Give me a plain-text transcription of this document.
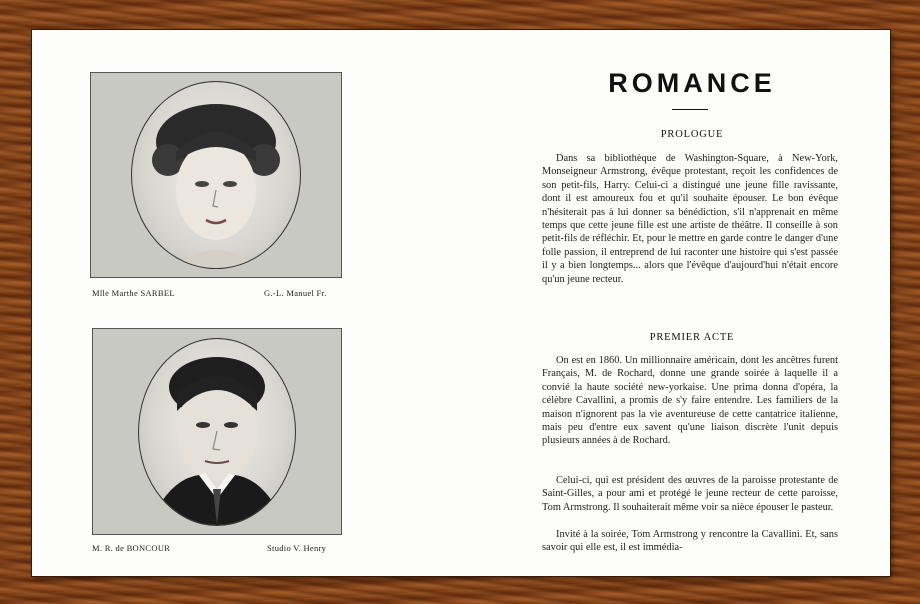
Mlle Marthe SARBEL	G.-L. Manuel Fr.
M. R. de BONCOUR	Studio V. Henry
ROMANCE
PROLOGUE

Dans sa bibliothèque de Washington-Square, à New-York, Monseigneur Armstrong, évêque protestant, reçoit les confidences de son petit-fils, Harry. Celui-ci a distingué une jeune fille ravissante, dont il est amoureux fou et qu'il souhaite épouser. Le bon évêque n'hésiterait pas à lui donner sa bénédiction, s'il n'apprenait en même temps que cette jeune fille est une artiste de théâtre. Il conseille à son petit-fils de réfléchir. Et, pour le mettre en garde contre le danger d'une folle passion, il entreprend de lui raconter une histoire qui s'est passée il y a bien longtemps... alors que l'évêque d'aujourd'hui n'était encore qu'un jeune recteur.

PREMIER ACTE

On est en 1860. Un millionnaire américain, dont les ancêtres furent Français, M. de Rochard, donne une grande soirée à laquelle il a convié la haute société new-yorkaise. Une prima donna d'opéra, la célèbre Cavallini, a promis de s'y faire entendre. Les familiers de la maison n'ignorent pas la vie aventureuse de cette cantatrice italienne, mais peu d'entre eux savent qu'une liaison discrète l'unit depuis plusieurs années à de Rochard.

Celui-ci, qui est président des œuvres de la paroisse protestante de Saint-Gilles, a pour ami et protégé le jeune recteur de cette paroisse, Tom Armstrong. Il souhaiterait même voir sa nièce épouser le pasteur.

Invité à la soirée, Tom Armstrong y rencontre la Cavallini. Et, sans savoir qui elle est, il est immédia-
